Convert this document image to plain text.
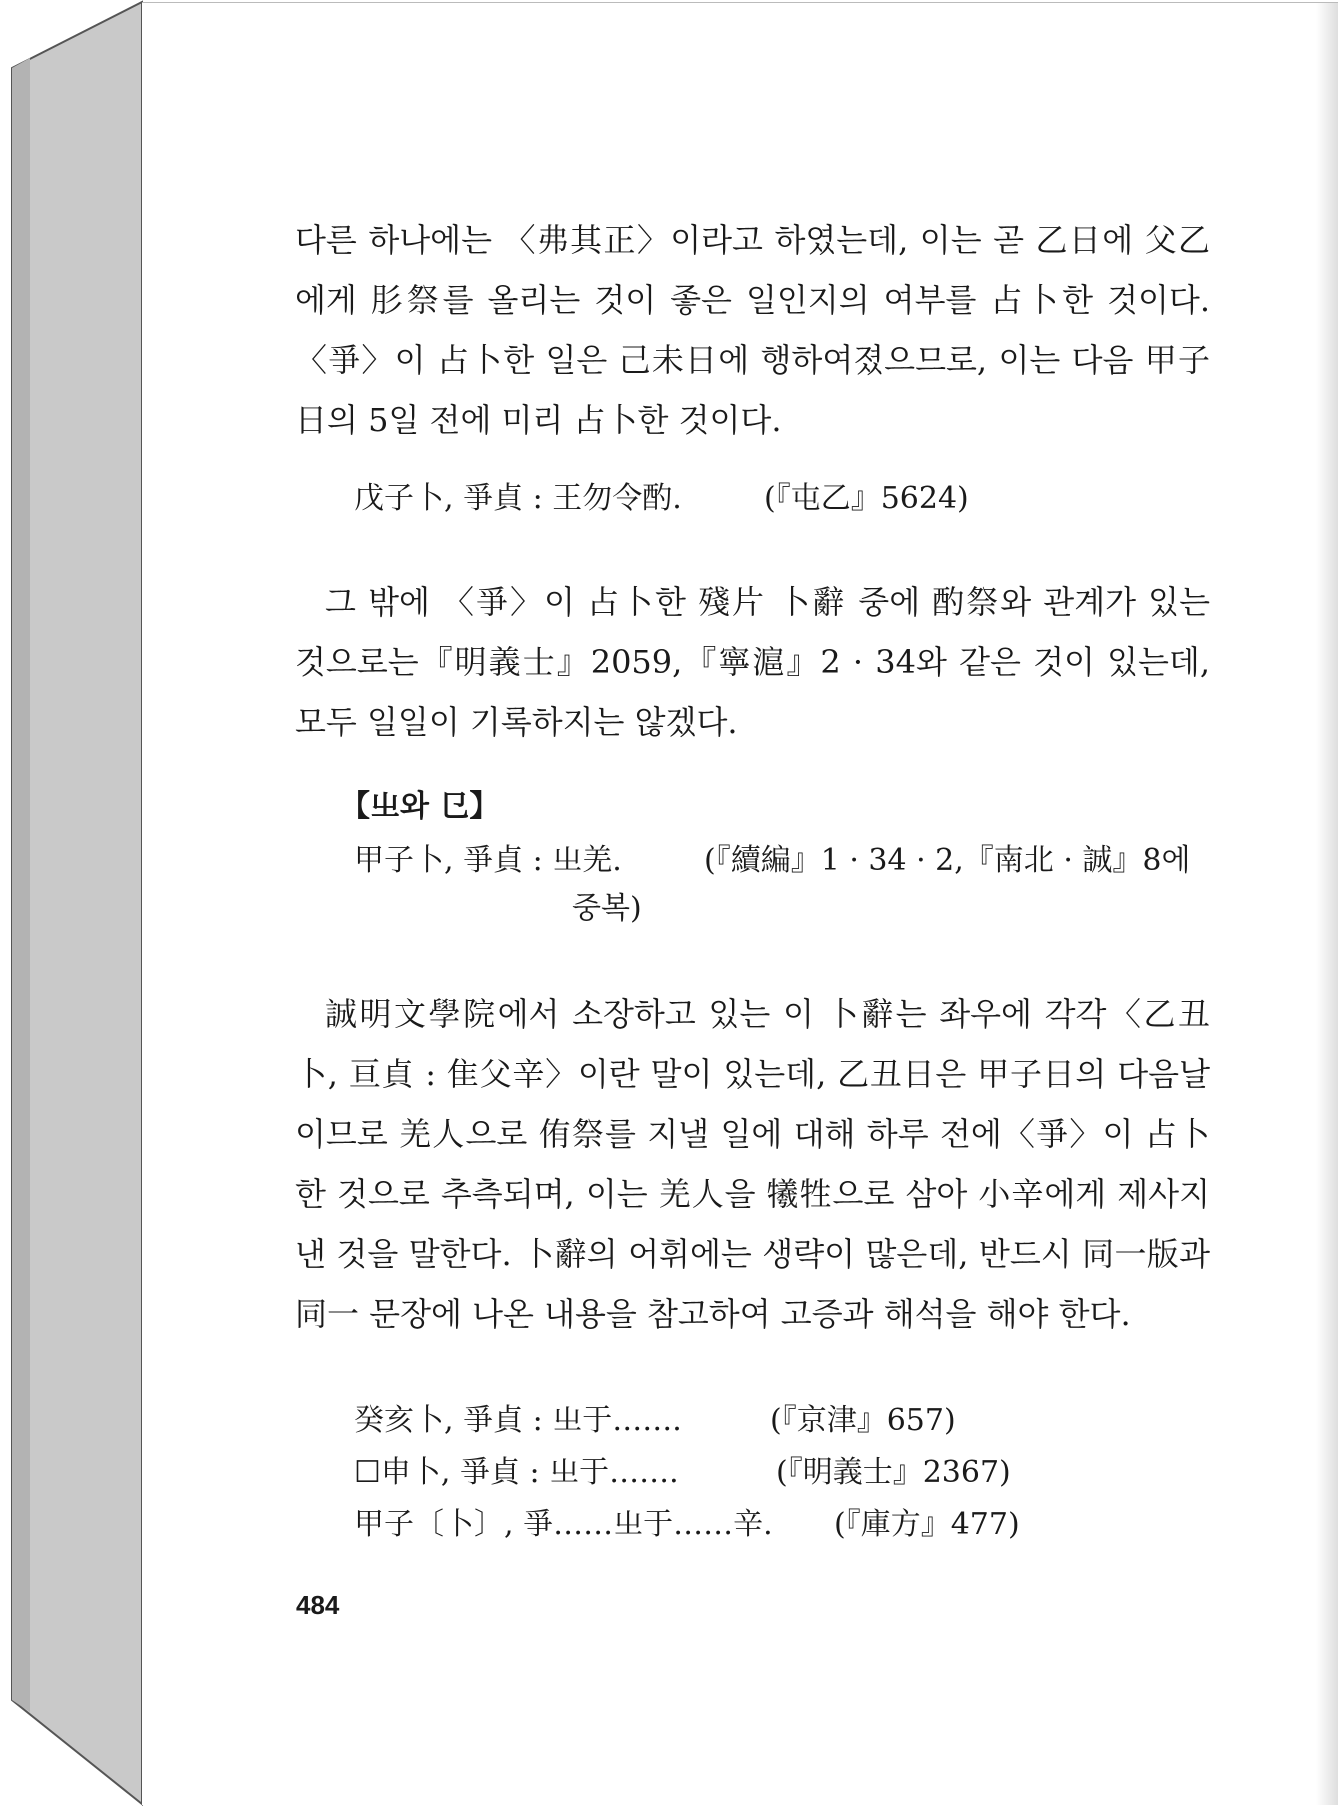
다른 하나에는 〈弗其正〉이라고 하였는데, 이는 곧 乙日에 父乙에게 肜祭를 올리는 것이 좋은 일인지의 여부를 占卜한 것이다. 〈爭〉이 占卜한 일은 己未日에 행하여졌으므로, 이는 다음 甲子日의 5일 전에 미리 占卜한 것이다.

戊子卜, 爭貞 : 王勿令酌.	(『屯乙』5624)

그 밖에 〈爭〉이 占卜한 殘片 卜辭 중에 酌祭와 관계가 있는 것으로는『明義士』2059,『寧滬』2 · 34와 같은 것이 있는데, 모두 일일이 기록하지는 않겠다.

【㞢와 㔾】

甲子卜, 爭貞 : 㞢羌.	(『續編』1 · 34 · 2,『南北 · 誠』8에

중복)

誠明文學院에서 소장하고 있는 이 卜辭는 좌우에 각각〈乙丑卜, 亘貞 : 隹父辛〉이란 말이 있는데, 乙丑日은 甲子日의 다음날이므로 羌人으로 侑祭를 지낼 일에 대해 하루 전에〈爭〉이 占卜한 것으로 추측되며, 이는 羌人을 犧牲으로 삼아 小辛에게 제사지낸 것을 말한다. 卜辭의 어휘에는 생략이 많은데, 반드시 同一版과 同一 문장에 나온 내용을 참고하여 고증과 해석을 해야 한다.

癸亥卜, 爭貞 : 㞢于…….	(『京津』657)

☐申卜, 爭貞 : 㞢于…….	(『明義士』2367)

甲子〔卜〕, 爭……㞢于……辛. (『庫方』477)

484
